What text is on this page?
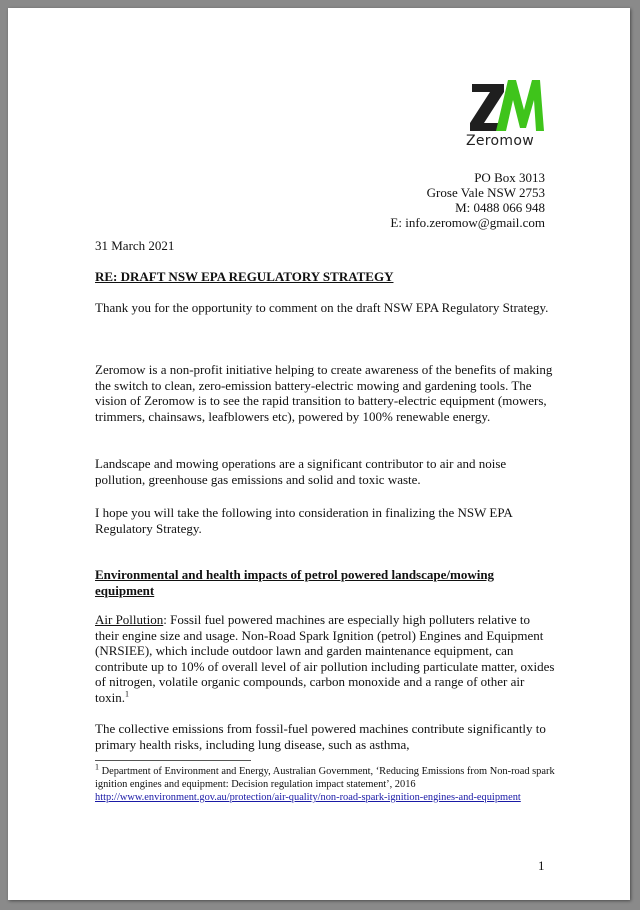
Zeromow
PO Box 3013
Grose Vale NSW 2753
M: 0488 066 948
E: info.zeromow@gmail.com
31 March 2021
RE: DRAFT NSW EPA REGULATORY STRATEGY
Thank you for the opportunity to comment on the draft NSW EPA Regulatory Strategy.
Zeromow is a non-profit initiative helping to create awareness of the benefits of making the switch to clean, zero-emission battery-electric mowing and gardening tools. The vision of Zeromow is to see the rapid transition to battery-electric equipment (mowers, trimmers, chainsaws, leafblowers etc), powered by 100% renewable energy.
Landscape and mowing operations are a significant contributor to air and noise pollution, greenhouse gas emissions and solid and toxic waste.
I hope you will take the following into consideration in finalizing the NSW EPA Regulatory Strategy.
Environmental and health impacts of petrol powered landscape/mowing equipment
Air Pollution: Fossil fuel powered machines are especially high polluters relative to their engine size and usage. Non-Road Spark Ignition (petrol) Engines and Equipment (NRSIEE), which include outdoor lawn and garden maintenance equipment, can contribute up to 10% of overall level of air pollution including particulate matter, oxides of nitrogen, volatile organic compounds, carbon monoxide and a range of other air toxin.$^1$
The collective emissions from fossil-fuel powered machines contribute significantly to primary health risks, including lung disease, such as asthma,
$^1$ Department of Environment and Energy, Australian Government, ‘Reducing Emissions from Non-road spark ignition engines and equipment: Decision regulation impact statement’, 2016 http://www.environment.gov.au/protection/air-quality/non-road-spark-ignition-engines-and-equipment
1
